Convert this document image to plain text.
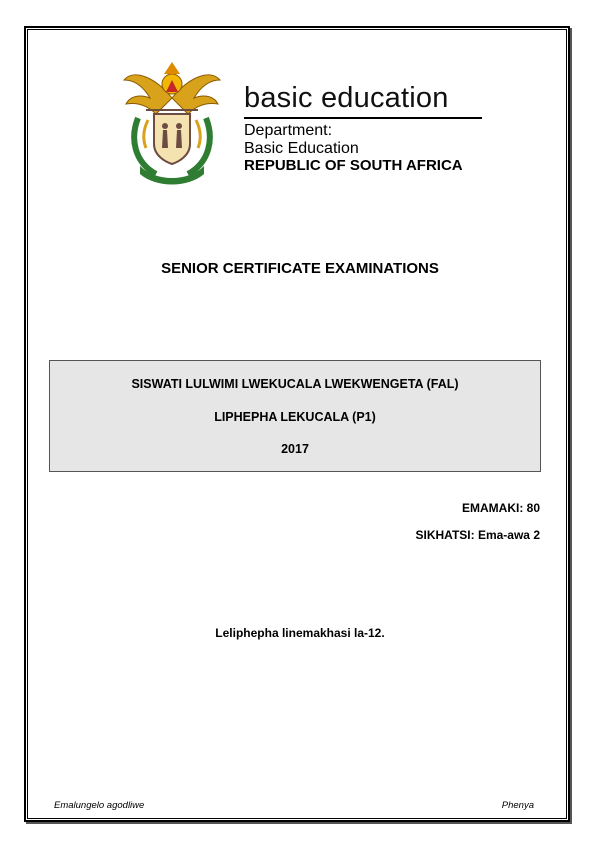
basic education
Department:
Basic Education
REPUBLIC OF SOUTH AFRICA
SENIOR CERTIFICATE EXAMINATIONS
SISWATI LULWIMI LWEKUCALA LWEKWENGETA (FAL)
LIPHEPHA LEKUCALA (P1)
2017
EMAMAKI: 80
SIKHATSI: Ema-awa 2
Leliphepha linemakhasi la-12.
Emalungelo agodliwe	Phenya
